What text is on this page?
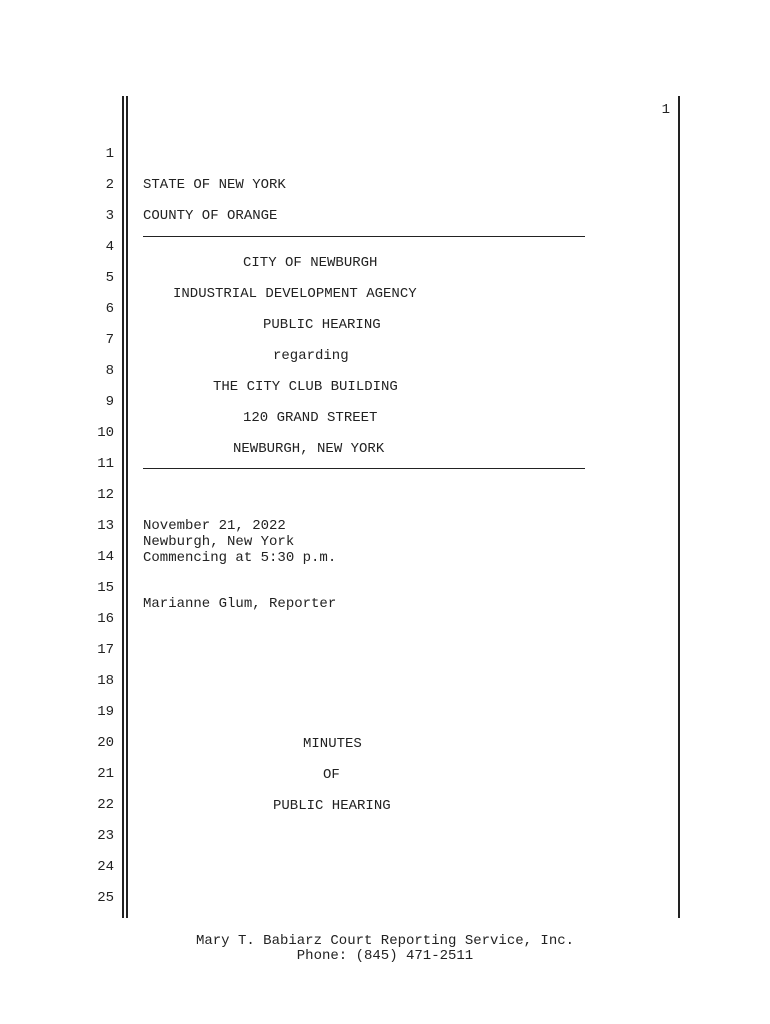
1
1
2
3
4
5
6
7
8
9
10
11
12
13
14
15
16
17
18
19
20
21
22
23
24
25
STATE OF NEW YORK
COUNTY OF ORANGE
CITY OF NEWBURGH
INDUSTRIAL DEVELOPMENT AGENCY
PUBLIC HEARING
regarding
THE CITY CLUB BUILDING
120 GRAND STREET
NEWBURGH, NEW YORK
November 21, 2022
Newburgh, New York
Commencing at 5:30 p.m.
Marianne Glum, Reporter
MINUTES
OF
PUBLIC HEARING
Mary T. Babiarz Court Reporting Service, Inc.
Phone: (845) 471-2511
